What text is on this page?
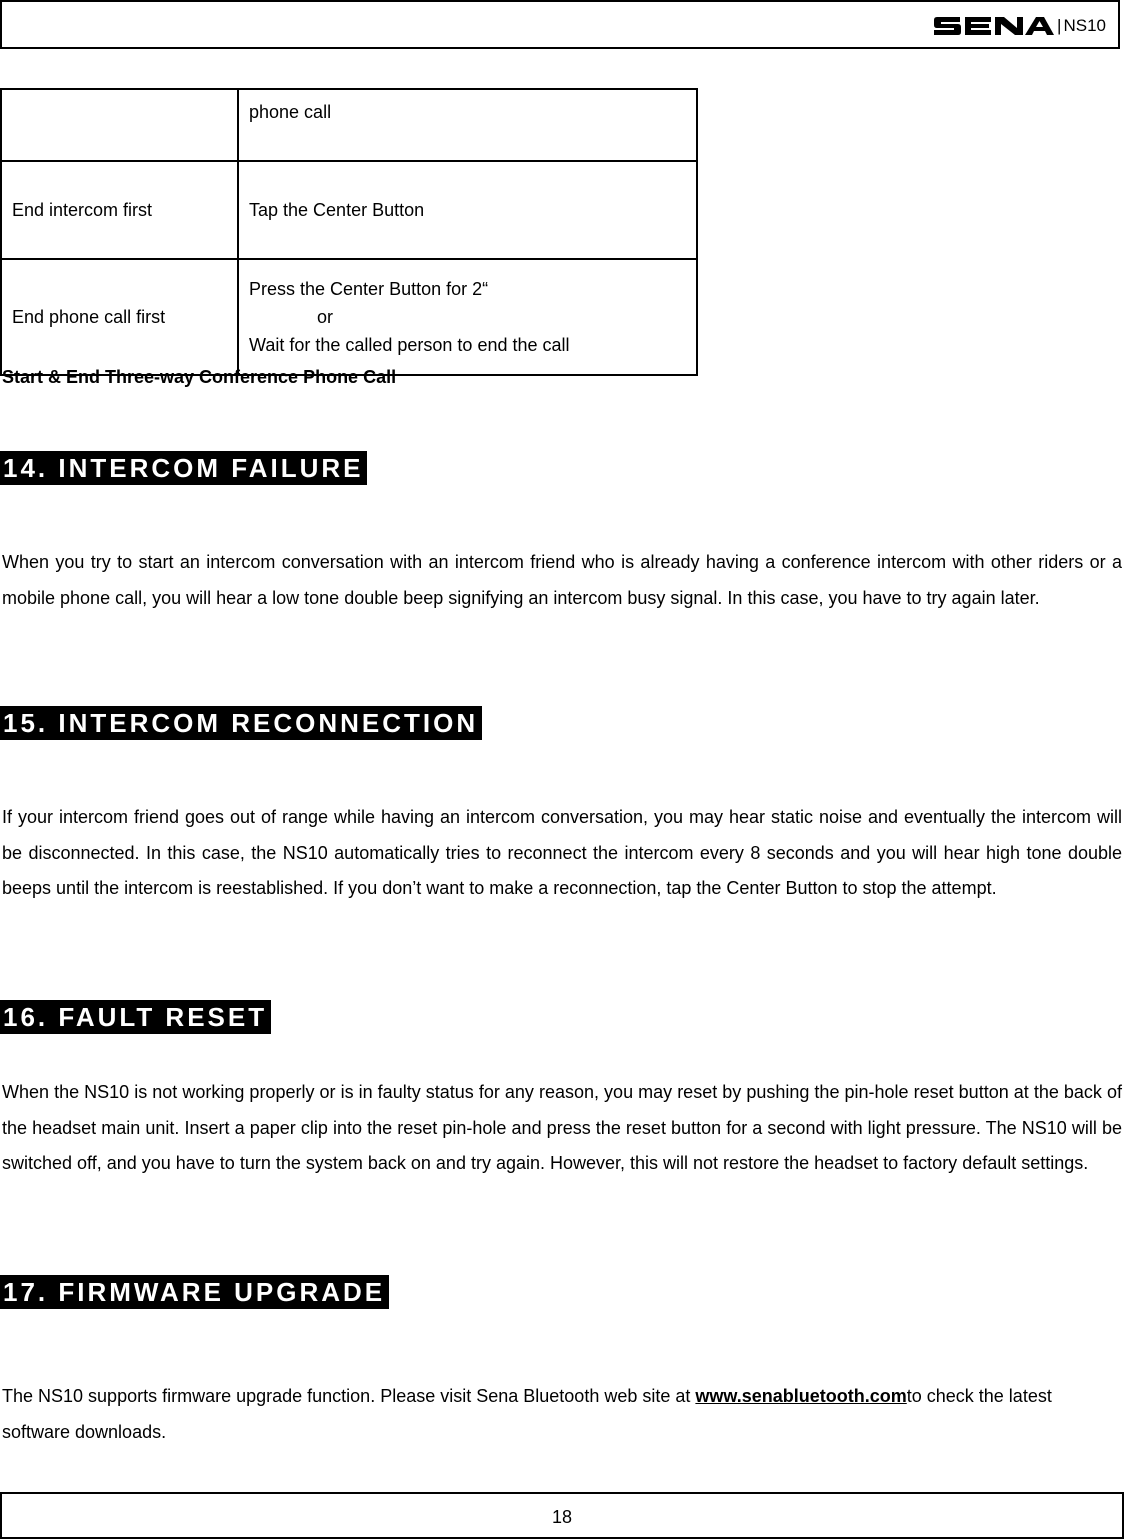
| NS10
	phone call
End intercom first	Tap the Center Button
End phone call first	Press the Center Button for 2“
or
Wait for the called person to end the call
Start & End Three-way Conference Phone Call
14. INTERCOM FAILURE
When you try to start an intercom conversation with an intercom friend who is already having a conference intercom with other riders or a mobile phone call, you will hear a low tone double beep signifying an intercom busy signal. In this case, you have to try again later.
15. INTERCOM RECONNECTION
If your intercom friend goes out of range while having an intercom conversation, you may hear static noise and eventually the intercom will be disconnected. In this case, the NS10 automatically tries to reconnect the intercom every 8 seconds and you will hear high tone double beeps until the intercom is reestablished. If you don’t want to make a reconnection, tap the Center Button to stop the attempt.
16. FAULT RESET
When the NS10 is not working properly or is in faulty status for any reason, you may reset by pushing the pin-hole reset button at the back of the headset main unit. Insert a paper clip into the reset pin-hole and press the reset button for a second with light pressure. The NS10 will be switched off, and you have to turn the system back on and try again. However, this will not restore the headset to factory default settings.
17. FIRMWARE UPGRADE
The NS10 supports firmware upgrade function. Please visit Sena Bluetooth web site at www.senabluetooth.comto check the latest software downloads.
18
